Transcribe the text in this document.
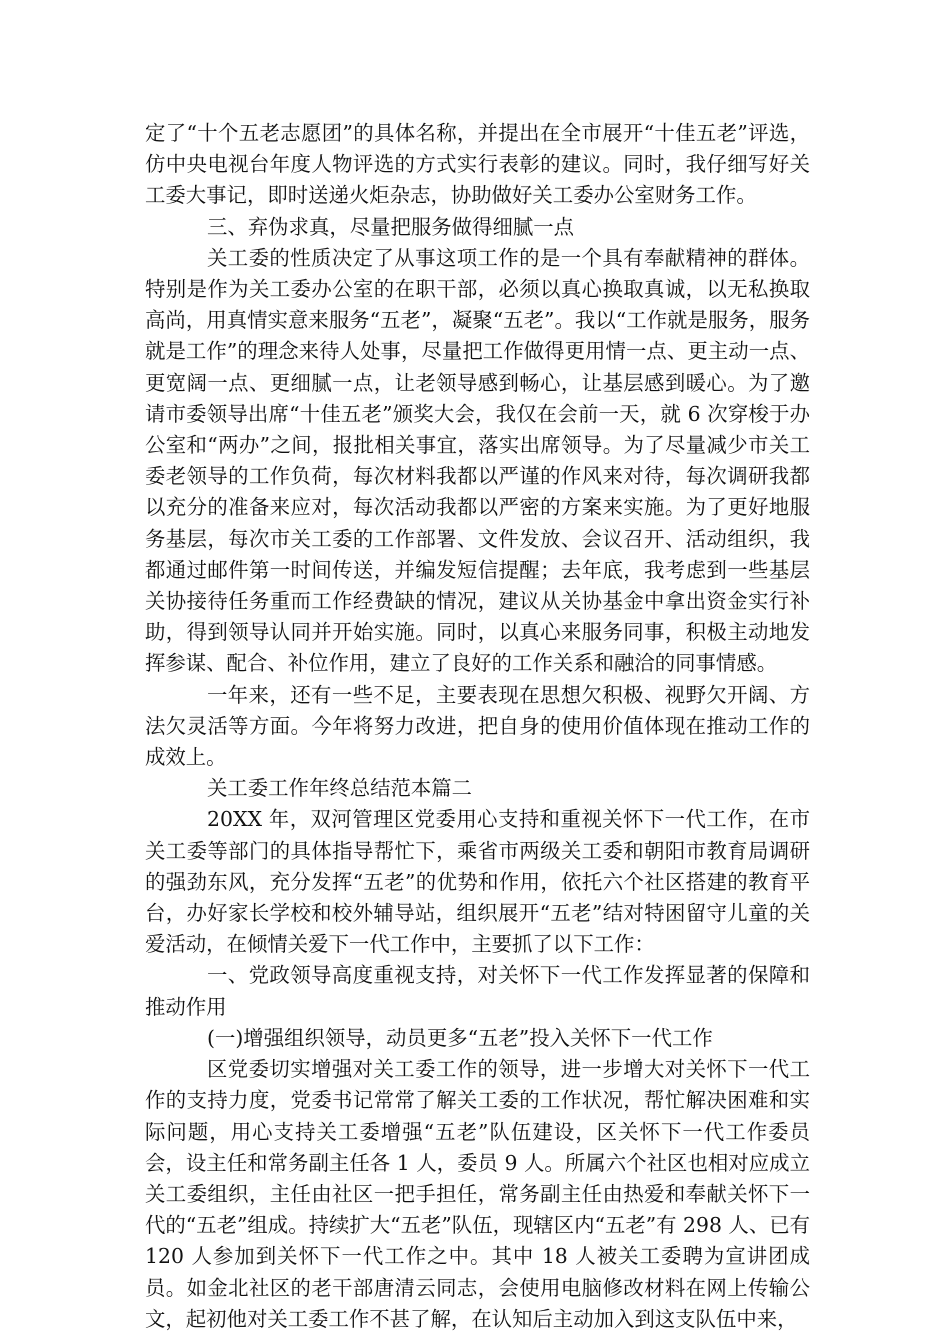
定了“十个五老志愿团”的具体名称，并提出在全市展开“十佳五老”评选，仿中央电视台年度人物评选的方式实行表彰的建议。同时，我仔细写好关工委大事记，即时送递火炬杂志，协助做好关工委办公室财务工作。

三、弃伪求真，尽量把服务做得细腻一点

关工委的性质决定了从事这项工作的是一个具有奉献精神的群体。特别是作为关工委办公室的在职干部，必须以真心换取真诚，以无私换取高尚，用真情实意来服务“五老”，凝聚“五老”。我以“工作就是服务，服务就是工作”的理念来待人处事，尽量把工作做得更用情一点、更主动一点、更宽阔一点、更细腻一点，让老领导感到畅心，让基层感到暖心。为了邀请市委领导出席“十佳五老”颁奖大会，我仅在会前一天，就 6 次穿梭于办公室和“两办”之间，报批相关事宜，落实出席领导。为了尽量减少市关工委老领导的工作负荷，每次材料我都以严谨的作风来对待，每次调研我都以充分的准备来应对，每次活动我都以严密的方案来实施。为了更好地服务基层，每次市关工委的工作部署、文件发放、会议召开、活动组织，我都通过邮件第一时间传送，并编发短信提醒；去年底，我考虑到一些基层关协接待任务重而工作经费缺的情况，建议从关协基金中拿出资金实行补助，得到领导认同并开始实施。同时，以真心来服务同事，积极主动地发挥参谋、配合、补位作用，建立了良好的工作关系和融洽的同事情感。

一年来，还有一些不足，主要表现在思想欠积极、视野欠开阔、方法欠灵活等方面。今年将努力改进，把自身的使用价值体现在推动工作的成效上。

关工委工作年终总结范本篇二

20XX 年，双河管理区党委用心支持和重视关怀下一代工作，在市关工委等部门的具体指导帮忙下，乘省市两级关工委和朝阳市教育局调研的强劲东风，充分发挥“五老”的优势和作用，依托六个社区搭建的教育平台，办好家长学校和校外辅导站，组织展开“五老”结对特困留守儿童的关爱活动，在倾情关爱下一代工作中，主要抓了以下工作：

一、党政领导高度重视支持，对关怀下一代工作发挥显著的保障和推动作用

(一)增强组织领导，动员更多“五老”投入关怀下一代工作

区党委切实增强对关工委工作的领导，进一步增大对关怀下一代工作的支持力度，党委书记常常了解关工委的工作状况，帮忙解决困难和实际问题，用心支持关工委增强“五老”队伍建设，区关怀下一代工作委员会，设主任和常务副主任各 1 人，委员 9 人。所属六个社区也相对应成立关工委组织，主任由社区一把手担任，常务副主任由热爱和奉献关怀下一代的“五老”组成。持续扩大“五老”队伍，现辖区内“五老”有 298 人、已有 120 人参加到关怀下一代工作之中。其中 18 人被关工委聘为宣讲团成员。如金北社区的老干部唐清云同志，会使用电脑修改材料在网上传输公文，起初他对关工委工作不甚了解，在认知后主动加入到这支队伍中来，
